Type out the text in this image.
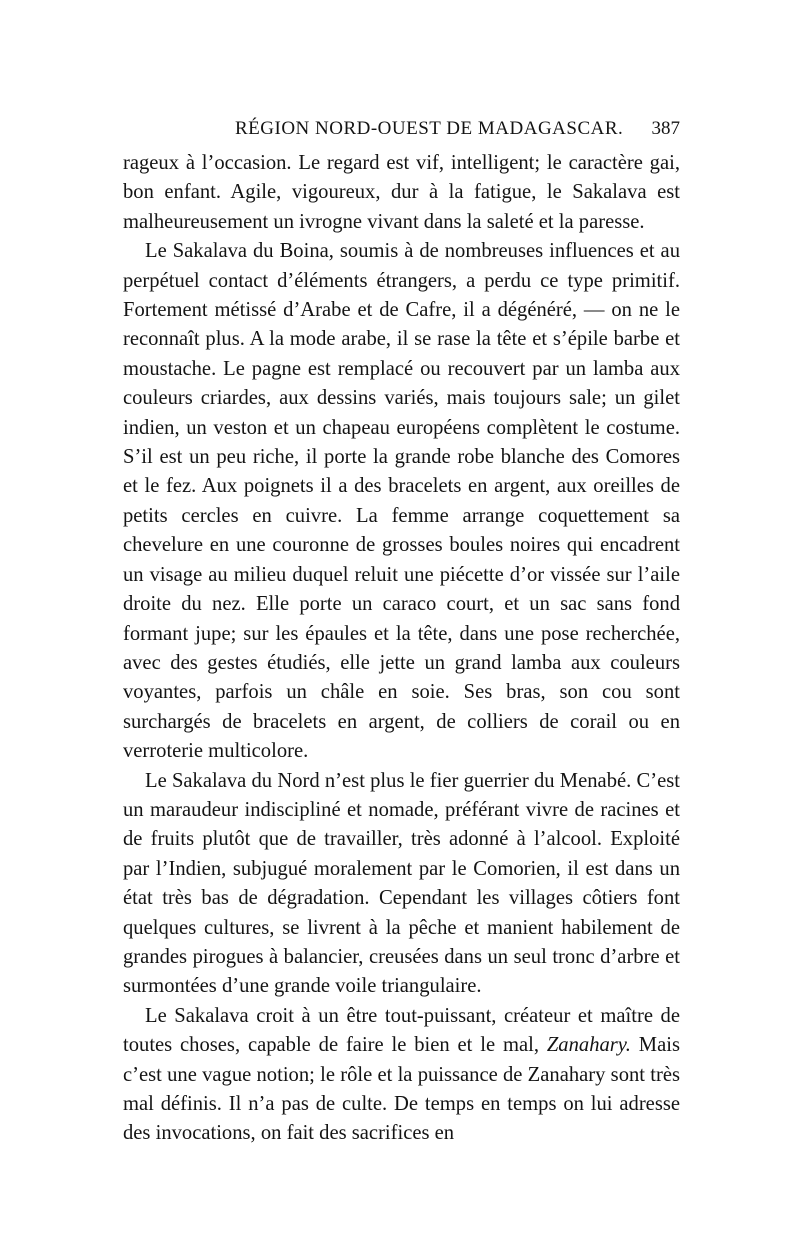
RÉGION NORD-OUEST DE MADAGASCAR. 387

rageux à l’occasion. Le regard est vif, intelligent; le caractère gai, bon enfant. Agile, vigoureux, dur à la fatigue, le Sakalava est malheureusement un ivrogne vivant dans la saleté et la paresse.

Le Sakalava du Boina, soumis à de nombreuses influences et au perpétuel contact d’éléments étrangers, a perdu ce type primitif. Fortement métissé d’Arabe et de Cafre, il a dégénéré, — on ne le reconnaît plus. A la mode arabe, il se rase la tête et s’épile barbe et moustache. Le pagne est remplacé ou recouvert par un lamba aux couleurs criardes, aux dessins variés, mais toujours sale; un gilet indien, un veston et un chapeau européens complètent le costume. S’il est un peu riche, il porte la grande robe blanche des Comores et le fez. Aux poignets il a des bracelets en argent, aux oreilles de petits cercles en cuivre. La femme arrange coquettement sa chevelure en une couronne de grosses boules noires qui encadrent un visage au milieu duquel reluit une piécette d’or vissée sur l’aile droite du nez. Elle porte un caraco court, et un sac sans fond formant jupe; sur les épaules et la tête, dans une pose recherchée, avec des gestes étudiés, elle jette un grand lamba aux couleurs voyantes, parfois un châle en soie. Ses bras, son cou sont surchargés de bracelets en argent, de colliers de corail ou en verroterie multicolore.

Le Sakalava du Nord n’est plus le fier guerrier du Menabé. C’est un maraudeur indiscipliné et nomade, préférant vivre de racines et de fruits plutôt que de travailler, très adonné à l’alcool. Exploité par l’Indien, subjugué moralement par le Comorien, il est dans un état très bas de dégradation. Cependant les villages côtiers font quelques cultures, se livrent à la pêche et manient habilement de grandes pirogues à balancier, creusées dans un seul tronc d’arbre et surmontées d’une grande voile triangulaire.

Le Sakalava croit à un être tout-puissant, créateur et maître de toutes choses, capable de faire le bien et le mal, Zanahary. Mais c’est une vague notion; le rôle et la puissance de Zanahary sont très mal définis. Il n’a pas de culte. De temps en temps on lui adresse des invocations, on fait des sacrifices en
